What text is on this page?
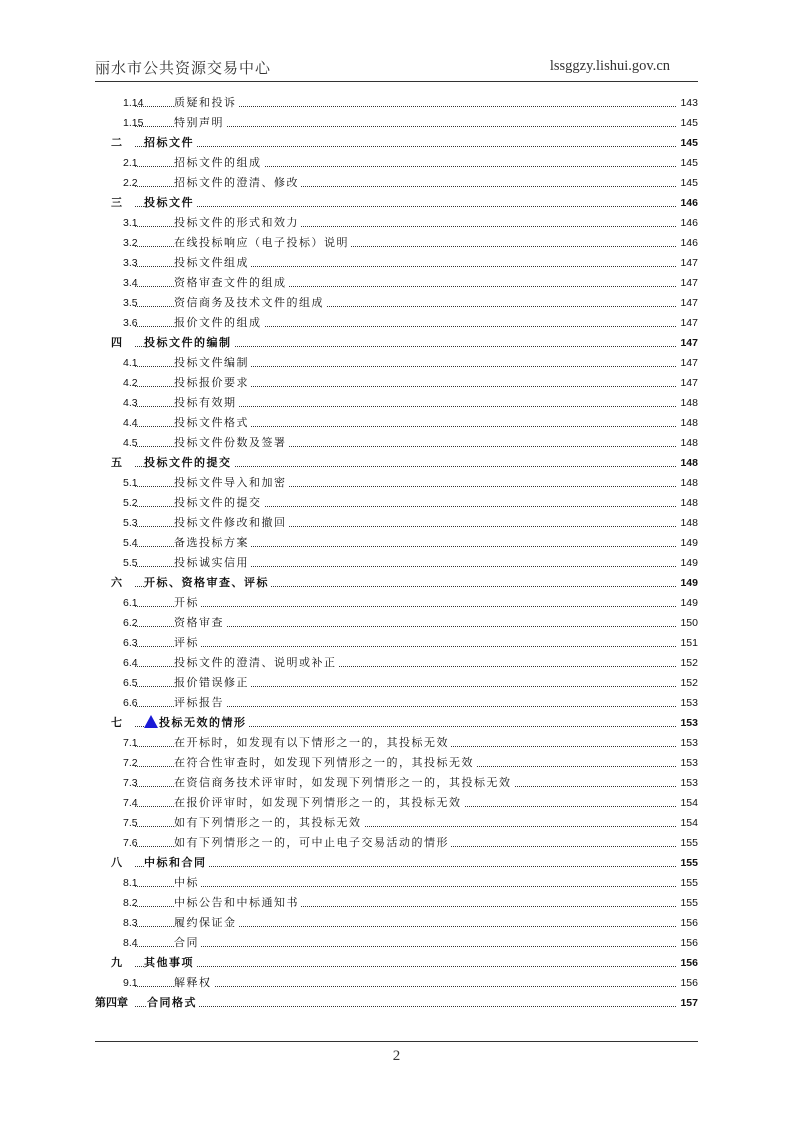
丽水市公共资源交易中心	lssggzy.lishui.gov.cn
1.14	质疑和投诉	143
1.15	特别声明	145
二 招标文件	145
2.1	招标文件的组成	145
2.2	招标文件的澄清、修改	145
三 投标文件	146
3.1	投标文件的形式和效力	146
3.2	在线投标响应（电子投标）说明	146
3.3	投标文件组成	147
3.4	资格审查文件的组成	147
3.5	资信商务及技术文件的组成	147
3.6	报价文件的组成	147
四 投标文件的编制	147
4.1	投标文件编制	147
4.2	投标报价要求	147
4.3	投标有效期	148
4.4	投标文件格式	148
4.5	投标文件份数及签署	148
五 投标文件的提交	148
5.1	投标文件导入和加密	148
5.2	投标文件的提交	148
5.3	投标文件修改和撤回	148
5.4	备选投标方案	149
5.5	投标诚实信用	149
六 开标、资格审查、评标	149
6.1	开标	149
6.2	资格审查	150
6.3	评标	151
6.4	投标文件的澄清、说明或补正	152
6.5	报价错误修正	152
6.6	评标报告	153
七	投标无效的情形	153
7.1	在开标时，如发现有以下情形之一的，其投标无效	153
7.2	在符合性审查时，如发现下列情形之一的，其投标无效	153
7.3	在资信商务技术评审时，如发现下列情形之一的，其投标无效	153
7.4	在报价评审时，如发现下列情形之一的，其投标无效	154
7.5	如有下列情形之一的，其投标无效	154
7.6	如有下列情形之一的，可中止电子交易活动的情形	155
八 中标和合同	155
8.1	中标	155
8.2	中标公告和中标通知书	155
8.3	履约保证金	156
8.4	合同	156
九 其他事项	156
9.1	解释权	156
第四章 合同格式	157
2
